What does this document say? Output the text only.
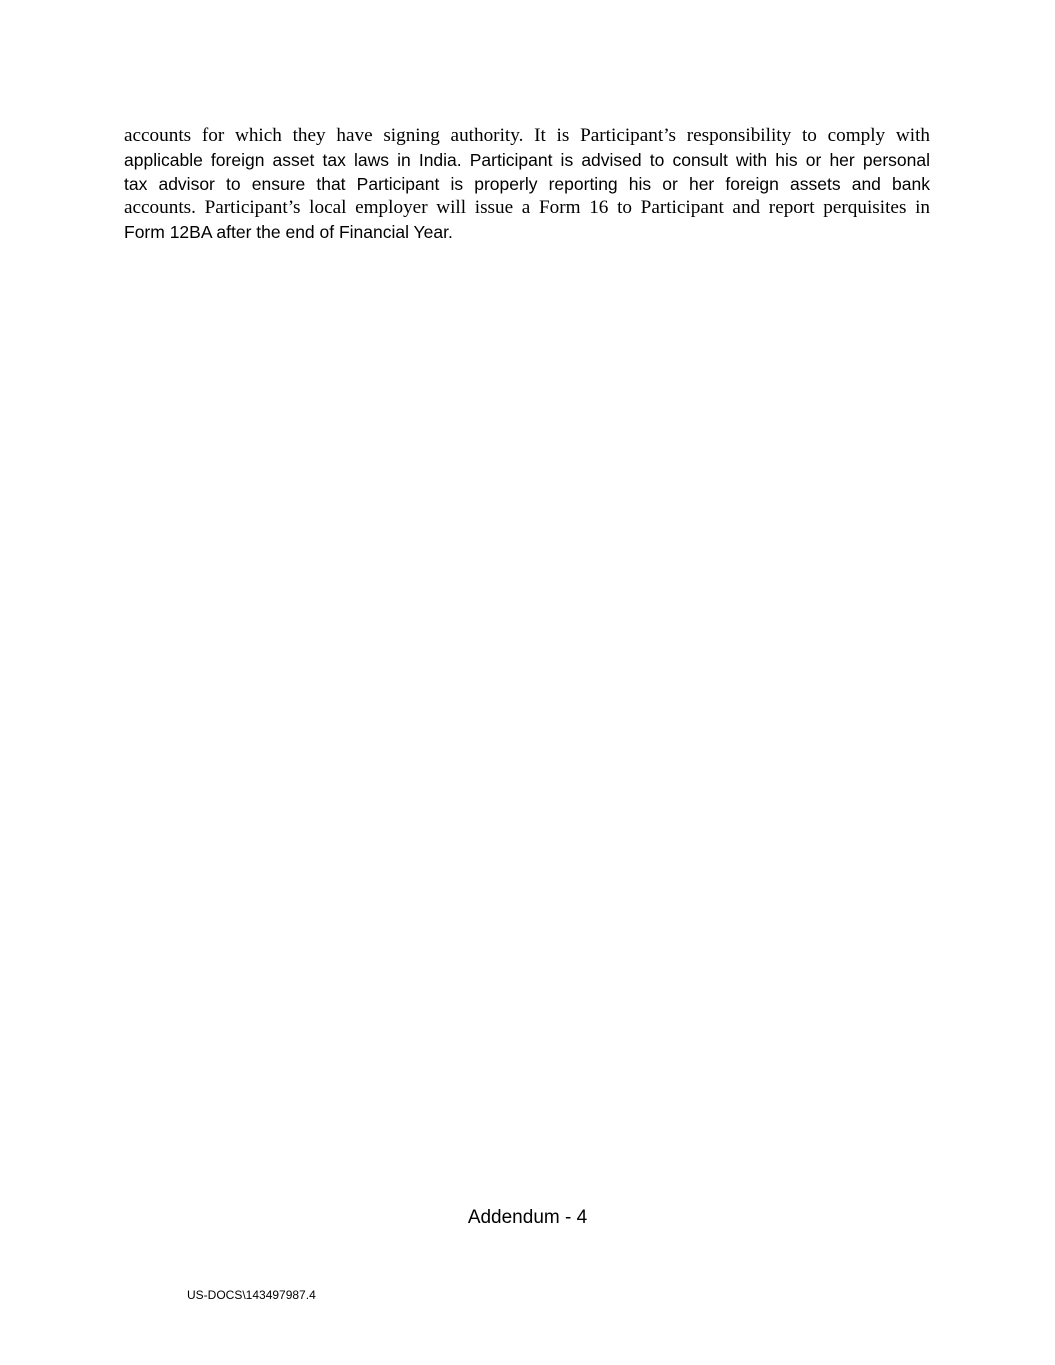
accounts for which they have signing authority. It is Participant’s responsibility to comply with
applicable foreign asset tax laws in India. Participant is advised to consult with his or her personal
tax advisor to ensure that Participant is properly reporting his or her foreign assets and bank
accounts. Participant’s local employer will issue a Form 16 to Participant and report perquisites in
Form 12BA after the end of Financial Year.
Addendum - 4
US-DOCS\143497987.4
